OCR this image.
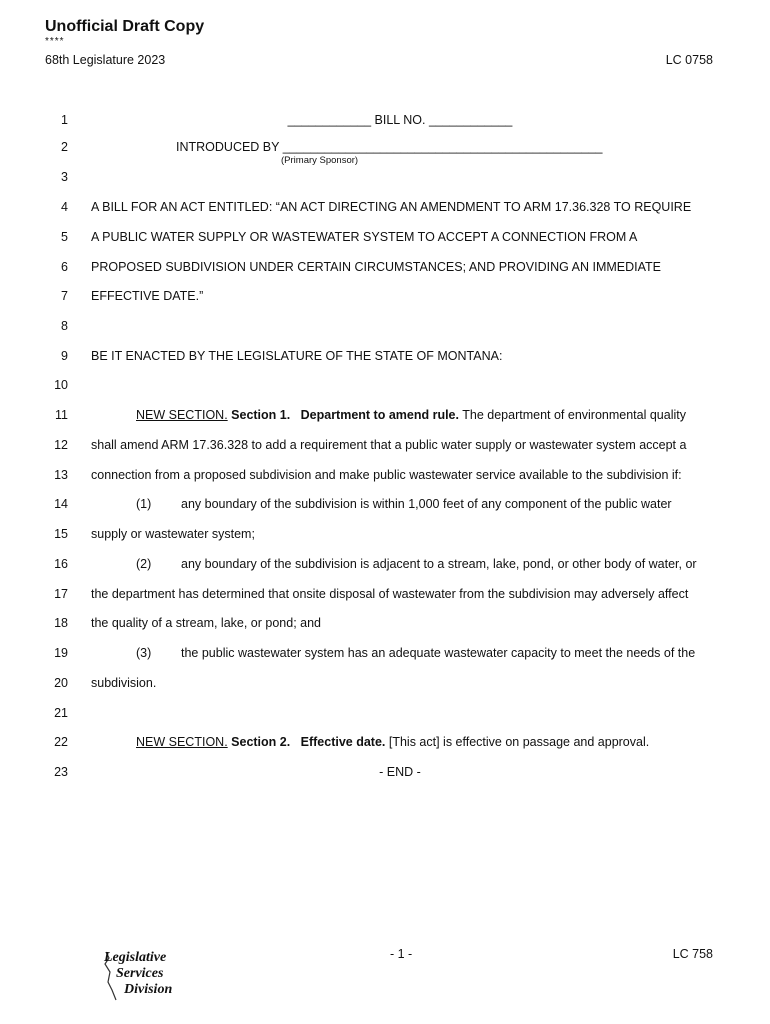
Unofficial Draft Copy
****
68th Legislature 2023	LC 0758
1	____________ BILL NO. ____________
2	INTRODUCED BY ______________________________________________
(Primary Sponsor)
3
4 A BILL FOR AN ACT ENTITLED: “AN ACT DIRECTING AN AMENDMENT TO ARM 17.36.328 TO REQUIRE
5 A PUBLIC WATER SUPPLY OR WASTEWATER SYSTEM TO ACCEPT A CONNECTION FROM A
6 PROPOSED SUBDIVISION UNDER CERTAIN CIRCUMSTANCES; AND PROVIDING AN IMMEDIATE
7 EFFECTIVE DATE.”
8
9 BE IT ENACTED BY THE LEGISLATURE OF THE STATE OF MONTANA:
10
11	NEW SECTION. Section 1. Department to amend rule. The department of environmental quality
12 shall amend ARM 17.36.328 to add a requirement that a public water supply or wastewater system accept a
13 connection from a proposed subdivision and make public wastewater service available to the subdivision if:
14	(1) any boundary of the subdivision is within 1,000 feet of any component of the public water
15 supply or wastewater system;
16	(2) any boundary of the subdivision is adjacent to a stream, lake, pond, or other body of water, or
17 the department has determined that onsite disposal of wastewater from the subdivision may adversely affect
18 the quality of a stream, lake, or pond; and
19	(3) the public wastewater system has an adequate wastewater capacity to meet the needs of the
20 subdivision.
21
22	NEW SECTION. Section 2. Effective date. [This act] is effective on passage and approval.
23	- END -
Legislative
Services
Division
- 1 -	LC 758
